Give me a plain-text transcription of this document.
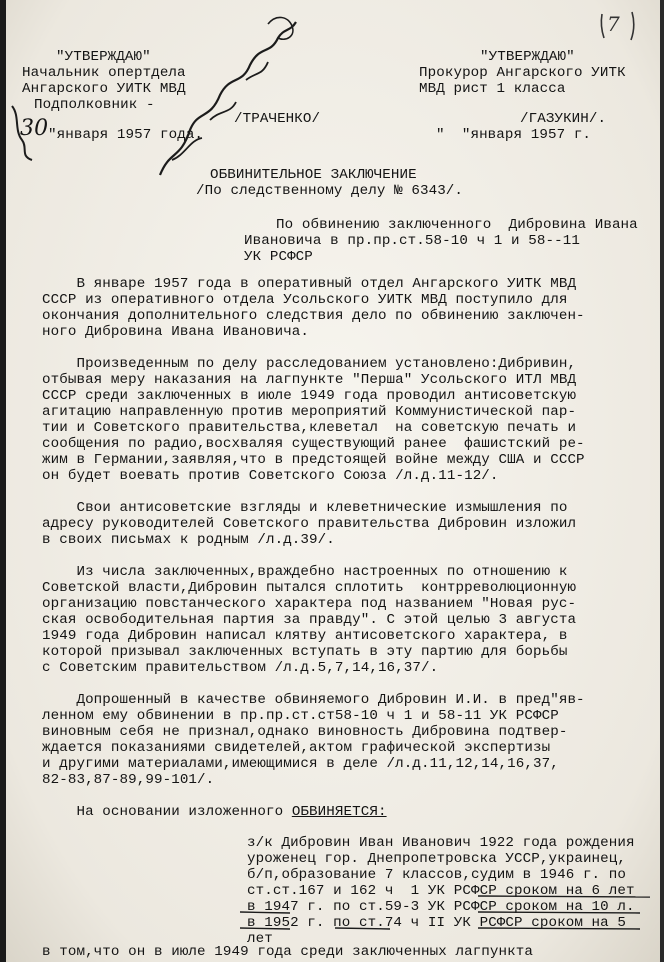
7
"УТВЕРЖДАЮ"
Начальник опертдела
Ангарского УИТК МВД
Подполковник -
/ТРАЧЕНКО/
30 "января 1957 года.
"УТВЕРЖДАЮ"
Прокурор Ангарского УИТК
МВД рист 1 класса
/ГАЗУКИН/.
"  "января 1957 г.
ОБВИНИТЕЛЬНОЕ ЗАКЛЮЧЕНИЕ
/По следственному делу № 6343/.
По обвинению заключенного  Дибровина Ивана
Ивановича в пр.пр.ст.58-10 ч 1 и 58--11
УК РСФСР
В январе 1957 года в оперативный отдел Ангарского УИТК МВД
СССР из оперативного отдела Усольского УИТК МВД поступило для
окончания дополнительного следствия дело по обвинению заключен-
ного Дибровина Ивана Ивановича.
Произведенным по делу расследованием установлено:Дибривин,
отбывая меру наказания на лагпункте "Перша" Усольского ИТЛ МВД
СССР среди заключенных в июле 1949 года проводил антисоветскую
агитацию направленную против мероприятий Коммунистической пар-
тии и Советского правительства,клеветал  на советскую печать и
сообщения по радио,восхваляя существующий ранее  фашистский ре-
жим в Германии,заявляя,что в предстоящей войне между США и СССР
он будет воевать против Советского Союза /л.д.11-12/.
Свои антисоветские взгляды и клеветнические измышления по
адресу руководителей Советского правительства Дибровин изложил
в своих письмах к родным /л.д.39/.
Из числа заключенных,враждебно настроенных по отношению к
Советской власти,Дибровин пытался сплотить  контрреволюционную
организацию повстанческого характера под названием "Новая рус-
ская освободительная партия за правду". С этой целью 3 августа
1949 года Дибровин написал клятву антисоветского характера, в
которой призывал заключенных вступать в эту партию для борьбы
с Советским правительством /л.д.5,7,14,16,37/.
Допрошенный в качестве обвиняемого Дибровин И.И. в пред"яв-
ленном ему обвинении в пр.пр.ст.ст58-10 ч 1 и 58-11 УК РСФСР
виновным себя не признал,однако виновность Дибровина подтвер-
ждается показаниями свидетелей,актом графической экспертизы
и другими материалами,имеющимися в деле /л.д.11,12,14,16,37,
82-83,87-89,99-101/.
На основании изложенного ОБВИНЯЕТСЯ:
з/к Дибровин Иван Иванович 1922 года рождения
уроженец гор. Днепропетровска УССР,украинец,
б/п,образование 7 классов,судим в 1946 г. по
ст.ст.167 и 162 ч  1 УК РСФСР сроком на 6 лет
в 1947 г. по ст.59-3 УК РСФСР сроком на 10 л.
в 1952 г. по ст.74 ч II УК РСФСР сроком на 5
лет
в том,что он в июле 1949 года среди заключенных лагпункта
